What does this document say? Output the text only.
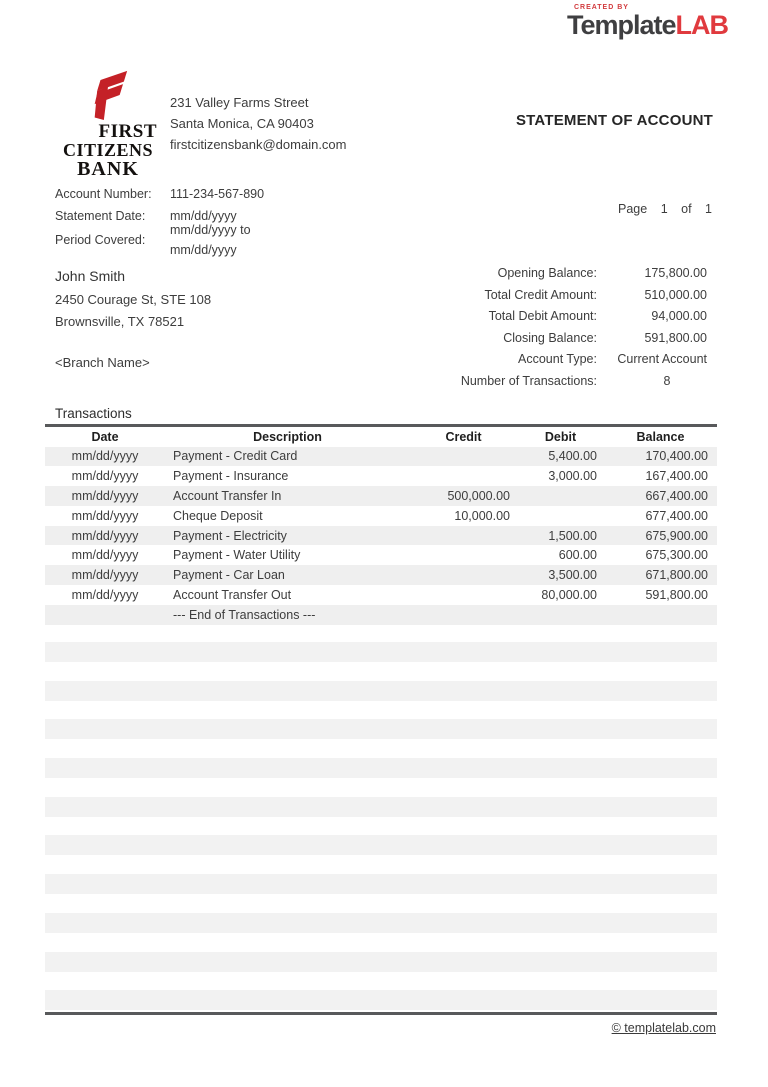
CREATED BY
TemplateLAB
FIRST
CITIZENS
BANK
231 Valley Farms Street
Santa Monica, CA 90403
firstcitizensbank@domain.com
STATEMENT OF ACCOUNT
Account Number: 111-234-567-890
Statement Date: mm/dd/yyyy
Period Covered:
mm/dd/yyyy to
mm/dd/yyyy
Page 1 of 1
John Smith
2450 Courage St, STE 108
Brownsville, TX 78521
<Branch Name>
Opening Balance:	175,800.00
Total Credit Amount:	510,000.00
Total Debit Amount:	94,000.00
Closing Balance:	591,800.00
Account Type:	Current Account
Number of Transactions:	8
Transactions
Date	Description	Credit	Debit	Balance
mm/dd/yyyy	Payment - Credit Card		5,400.00	170,400.00
mm/dd/yyyy	Payment - Insurance		3,000.00	167,400.00
mm/dd/yyyy	Account Transfer In	500,000.00		667,400.00
mm/dd/yyyy	Cheque Deposit	10,000.00		677,400.00
mm/dd/yyyy	Payment - Electricity		1,500.00	675,900.00
mm/dd/yyyy	Payment - Water Utility		600.00	675,300.00
mm/dd/yyyy	Payment - Car Loan		3,500.00	671,800.00
mm/dd/yyyy	Account Transfer Out		80,000.00	591,800.00
	--- End of Transactions ---			
© templatelab.com
